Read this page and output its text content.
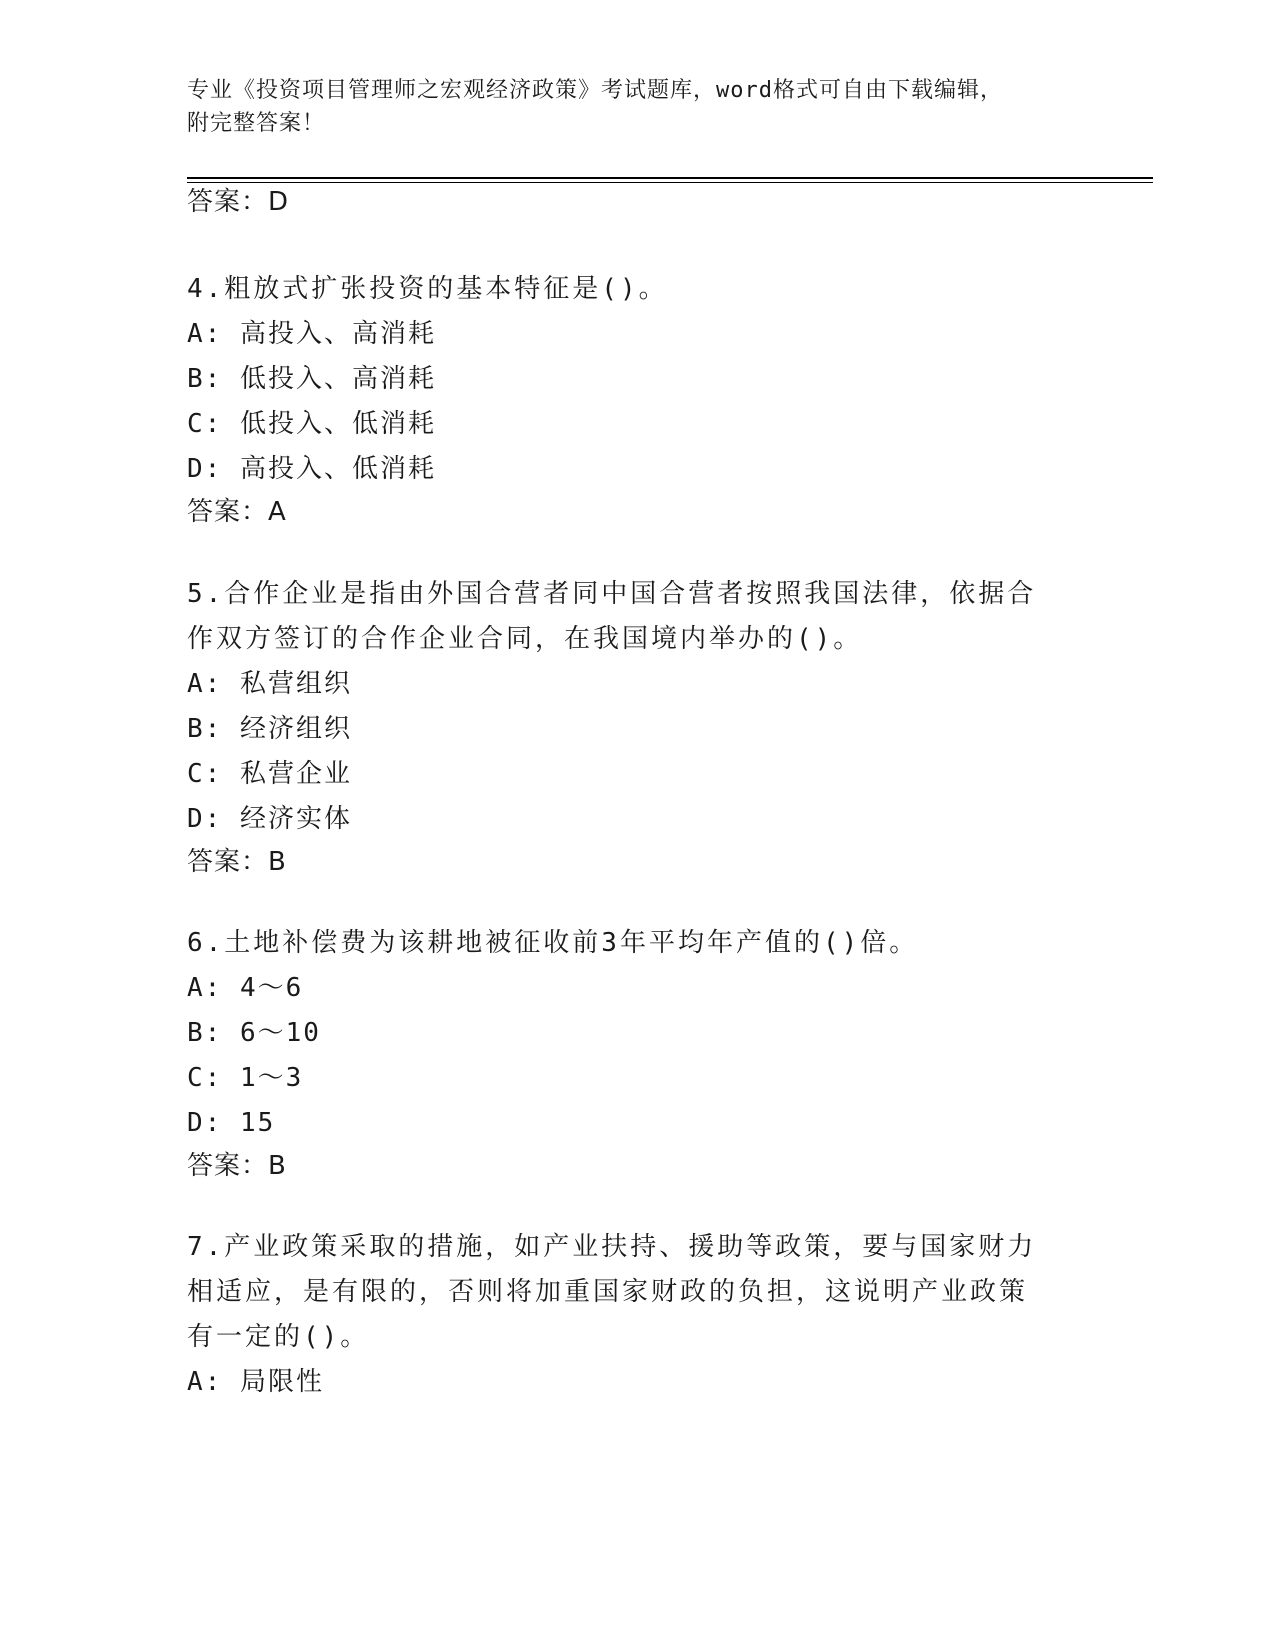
专业《投资项目管理师之宏观经济政策》考试题库，word格式可自由下载编辑，
附完整答案！
答案：D

4.粗放式扩张投资的基本特征是()。

A: 高投入、高消耗
B: 低投入、高消耗
C: 低投入、低消耗
D: 高投入、低消耗
答案：A

5.合作企业是指由外国合营者同中国合营者按照我国法律，依据合作双方签订的合作企业合同，在我国境内举办的()。

A: 私营组织
B: 经济组织
C: 私营企业
D: 经济实体
答案：B

6.土地补偿费为该耕地被征收前3年平均年产值的()倍。

A: 4～6
B: 6～10
C: 1～3
D: 15
答案：B

7.产业政策采取的措施，如产业扶持、援助等政策，要与国家财力相适应，是有限的，否则将加重国家财政的负担，这说明产业政策有一定的()。

A: 局限性
